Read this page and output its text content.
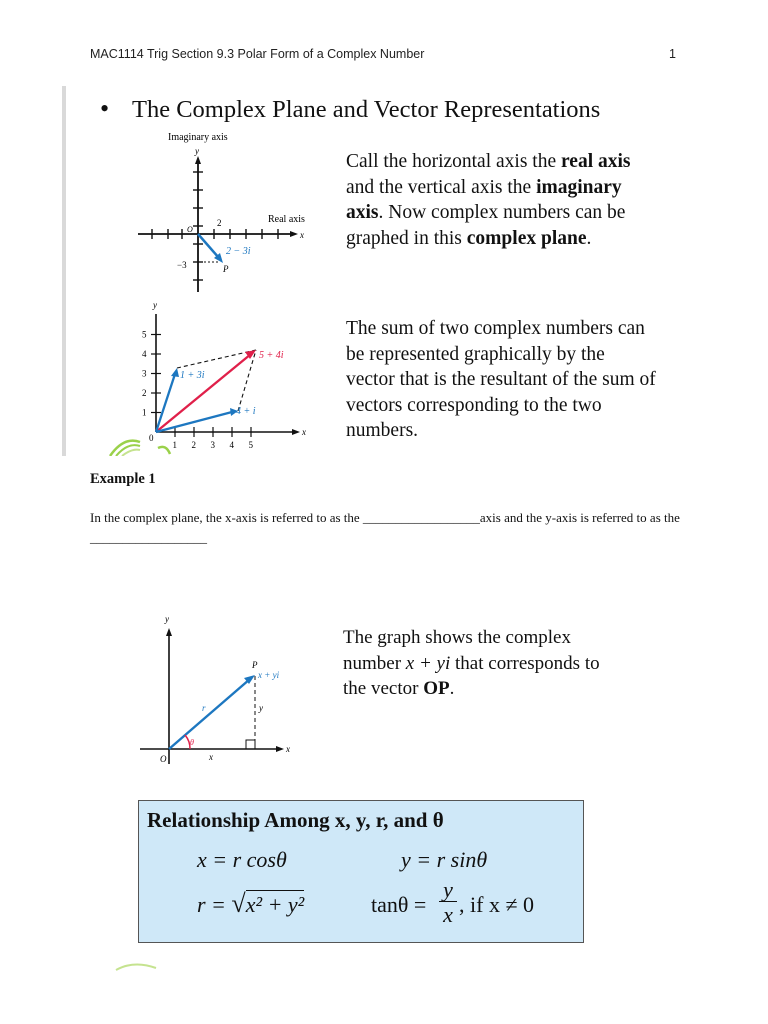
MAC1114 Trig Section 9.3 Polar Form of a Complex Number	1
• The Complex Plane and Vector Representations
Imaginary axis
y
Real axis
x
2
−3
O
2 − 3i
P
Call the horizontal axis the real axis and the vertical axis the imaginary axis. Now complex numbers can be graphed in this complex plane.
y
x
0
1
2
3
4
5
1 2 3 4 5
1 + 3i
4 + i
5 + 4i
The sum of two complex numbers can be represented graphically by the vector that is the resultant of the sum of vectors corresponding to the two numbers.
Example 1
In the complex plane, the x-axis is referred to as the __________________axis and the y-axis is referred to as the __________________
y
x
O
P
x + yi
r	y
x
θ
The graph shows the complex number x + yi that corresponds to the vector OP.
Relationship Among x, y, r, and θ
x = r cosθ	y = r sinθ
r = √x² + y²	tanθ =
y
x , if x ≠ 0
